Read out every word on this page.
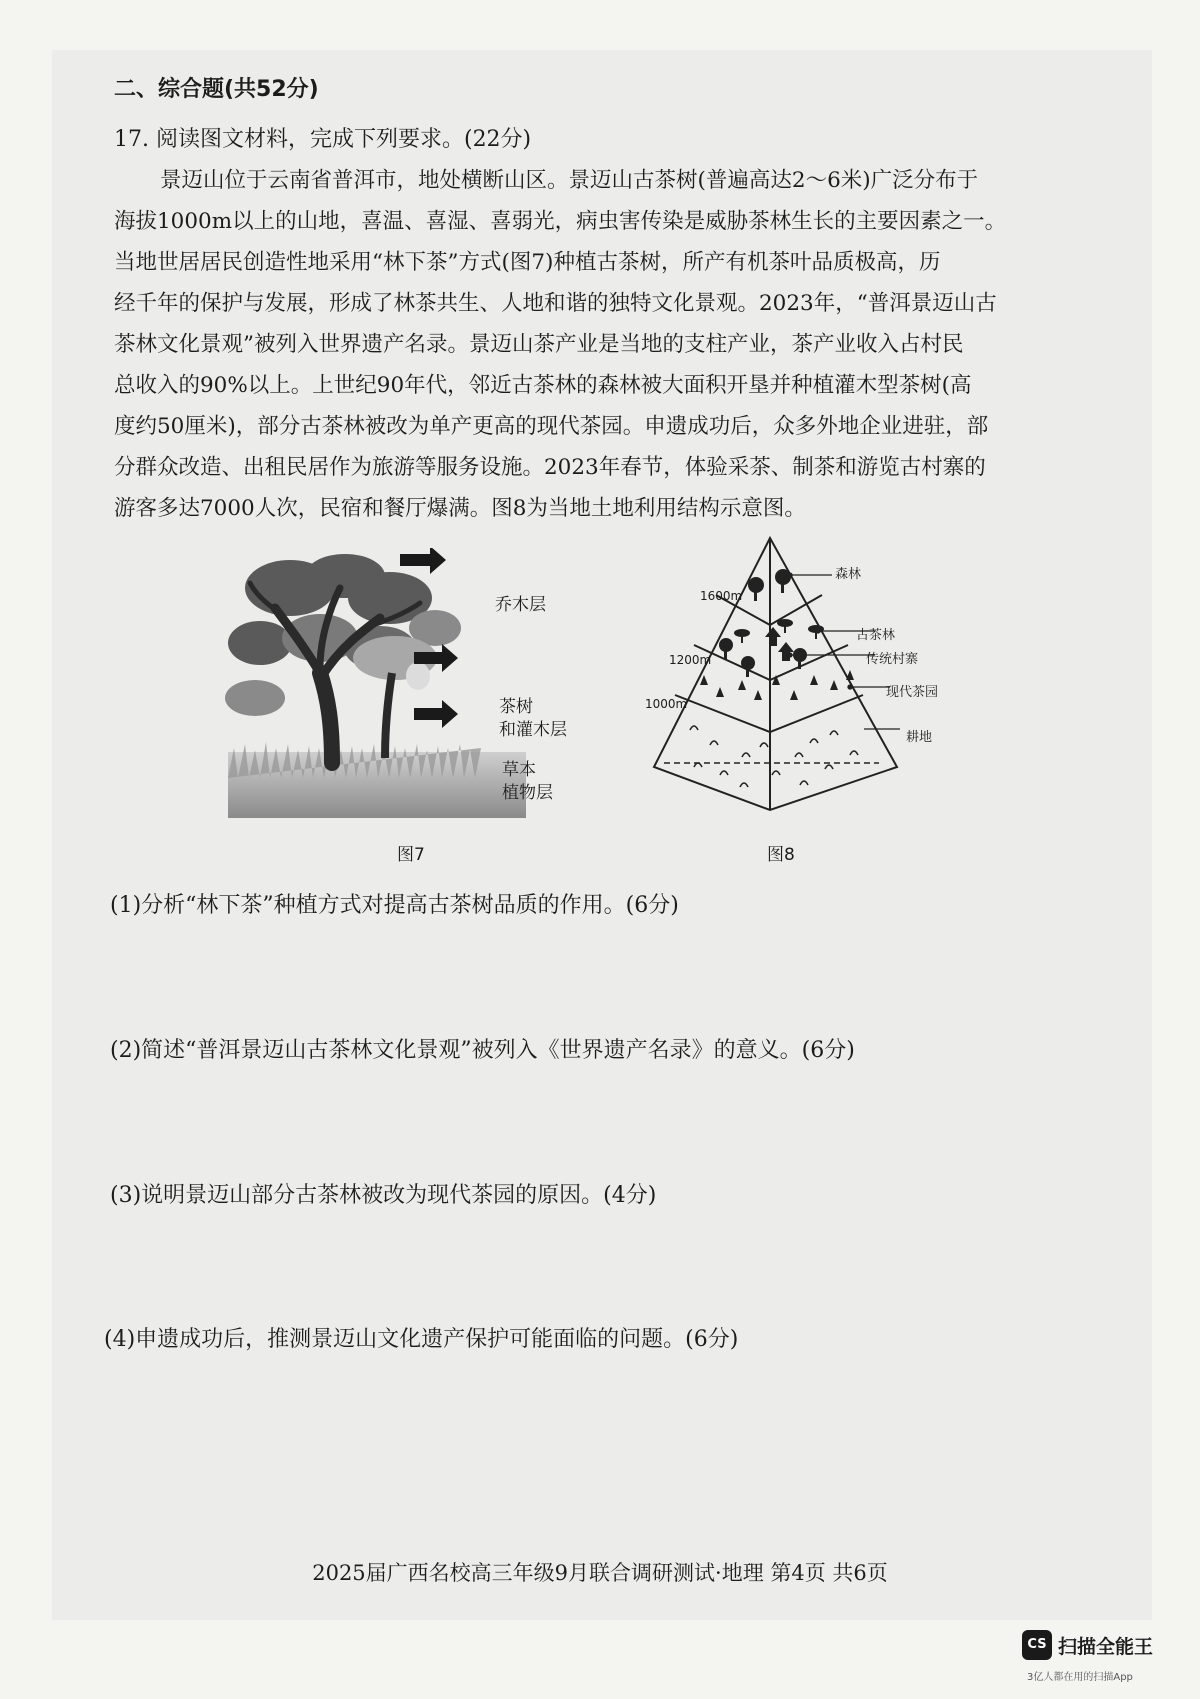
二、综合题(共52分)
17. 阅读图文材料，完成下列要求。(22分)
景迈山位于云南省普洱市，地处横断山区。景迈山古茶树(普遍高达2～6米)广泛分布于
海拔1000m以上的山地，喜温、喜湿、喜弱光，病虫害传染是威胁茶林生长的主要因素之一。
当地世居居民创造性地采用“林下茶”方式(图7)种植古茶树，所产有机茶叶品质极高，历
经千年的保护与发展，形成了林茶共生、人地和谐的独特文化景观。2023年，“普洱景迈山古
茶林文化景观”被列入世界遗产名录。景迈山茶产业是当地的支柱产业，茶产业收入占村民
总收入的90%以上。上世纪90年代，邻近古茶林的森林被大面积开垦并种植灌木型茶树(高
度约50厘米)，部分古茶林被改为单产更高的现代茶园。申遗成功后，众多外地企业进驻，部
分群众改造、出租民居作为旅游等服务设施。2023年春节，体验采茶、制茶和游览古村寨的
游客多达7000人次，民宿和餐厅爆满。图8为当地土地利用结构示意图。
乔木层
茶树
和灌木层
草本
植物层
图7
1600m
1200m
1000m
森林
古茶林
传统村寨
现代茶园
耕地
图8
(1)分析“林下茶”种植方式对提高古茶树品质的作用。(6分)
(2)简述“普洱景迈山古茶林文化景观”被列入《世界遗产名录》的意义。(6分)
(3)说明景迈山部分古茶林被改为现代茶园的原因。(4分)
(4)申遗成功后，推测景迈山文化遗产保护可能面临的问题。(6分)
2025届广西名校高三年级9月联合调研测试·地理 第4页 共6页
CS 扫描全能王
3亿人都在用的扫描App
